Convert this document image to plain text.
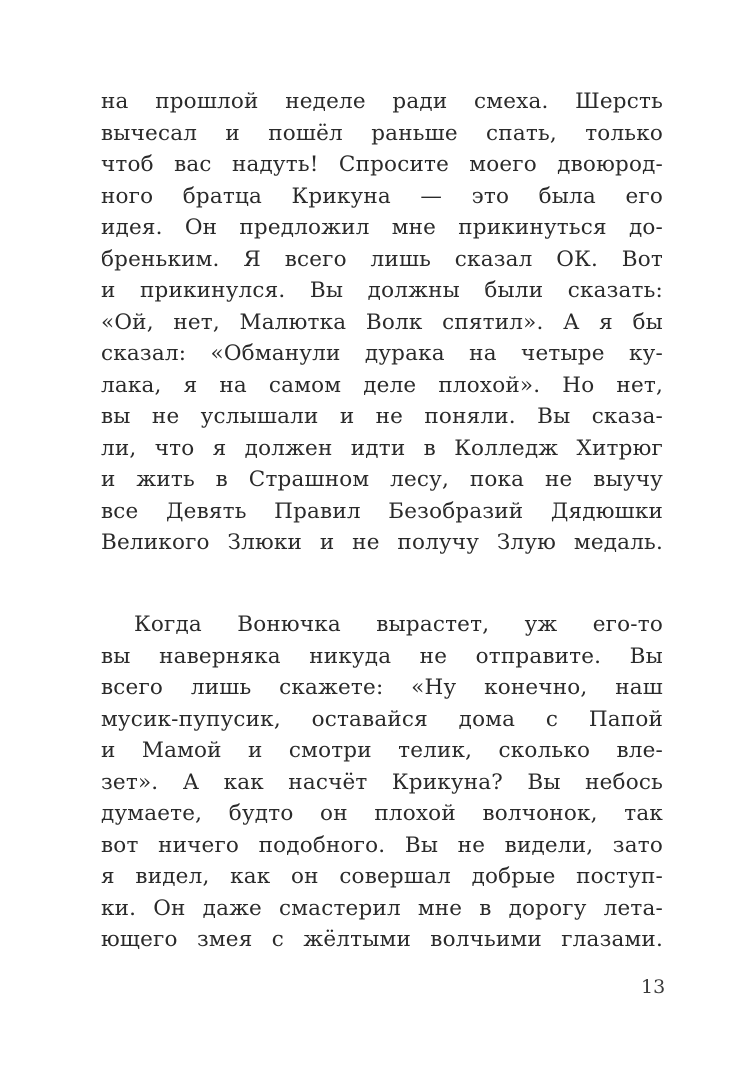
на прошлой неделе ради смеха. Шерсть
вычесал и пошёл раньше спать, только
чтоб вас надуть! Спросите моего двоюрод-
ного братца Крикуна — это была его
идея. Он предложил мне прикинуться до-
бреньким. Я всего лишь сказал ОК. Вот
и прикинулся. Вы должны были сказать:
«Ой, нет, Малютка Волк спятил». А я бы
сказал: «Обманули дурака на четыре ку-
лака, я на самом деле плохой». Но нет,
вы не услышали и не поняли. Вы сказа-
ли, что я должен идти в Колледж Хитрюг
и жить в Страшном лесу, пока не выучу
все Девять Правил Безобразий Дядюшки
Великого Злюки и не получу Злую медаль.
Когда Вонючка вырастет, уж его-то
вы наверняка никуда не отправите. Вы
всего лишь скажете: «Ну конечно, наш
мусик-пупусик, оставайся дома с Папой
и Мамой и смотри телик, сколько вле-
зет». А как насчёт Крикуна? Вы небось
думаете, будто он плохой волчонок, так
вот ничего подобного. Вы не видели, зато
я видел, как он совершал добрые поступ-
ки. Он даже смастерил мне в дорогу лета-
ющего змея с жёлтыми волчьими глазами.
13
